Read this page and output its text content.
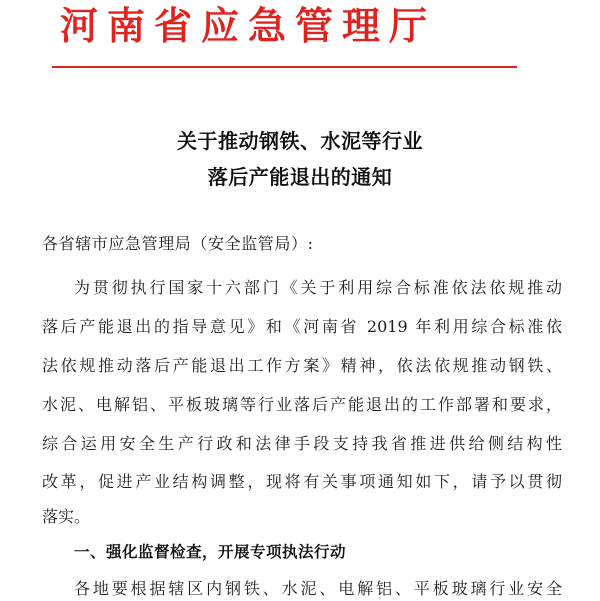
河南省应急管理厅
关于推动钢铁、水泥等行业
落后产能退出的通知

各省辖市应急管理局（安全监管局）:

为贯彻执行国家十六部门《关于利用综合标准依法依规推动

落后产能退出的指导意见》和《河南省 2019 年利用综合标准依

法依规推动落后产能退出工作方案》精神，依法依规推动钢铁、

水泥、电解铝、平板玻璃等行业落后产能退出的工作部署和要求，

综合运用安全生产行政和法律手段支持我省推进供给侧结构性

改革，促进产业结构调整，现将有关事项通知如下，请予以贯彻

落实。

一、强化监督检查，开展专项执法行动

各地要根据辖区内钢铁、水泥、电解铝、平板玻璃行业安全
